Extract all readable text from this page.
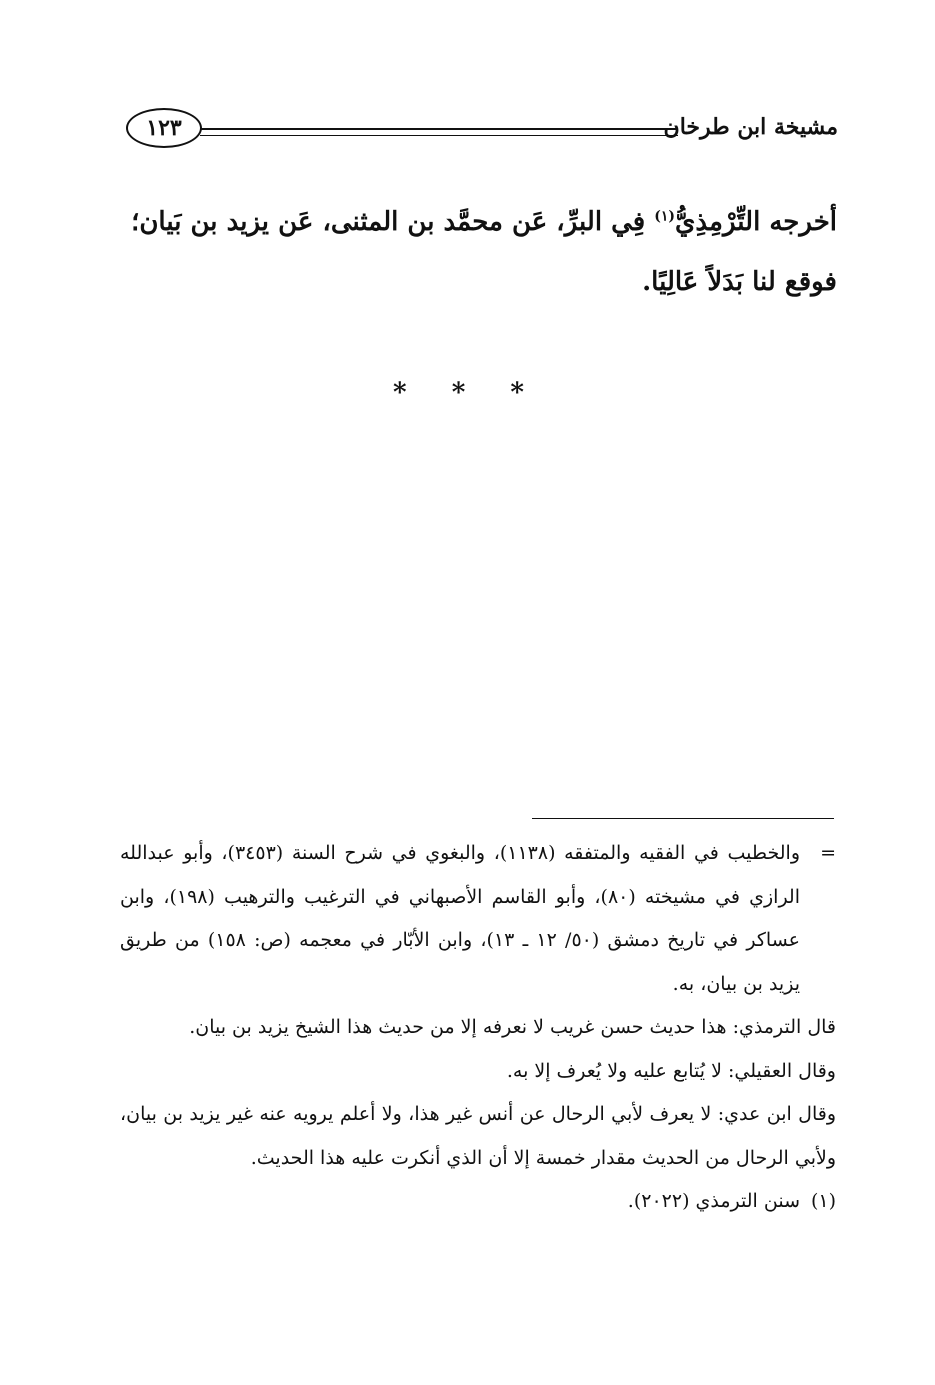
مشيخة ابن طرخان
١٢٣

أخرجه التِّرْمِذِيُّ$^{(١)}$ فِي البرِّ، عَن محمَّد بن المثنى، عَن يزيد بن بَيان؛

فوقع لنا بَدَلاً عَالِيًا.

* * *

=
والخطيب في الفقيه والمتفقه (١١٣٨)، والبغوي في شرح السنة (٣٤٥٣)، وأبو عبدالله الرازي في مشيخته (٨٠)، وأبو القاسم الأصبهاني في الترغيب والترهيب (١٩٨)، وابن عساكر في تاريخ دمشق (٥٠/ ١٢ ـ ١٣)، وابن الأبّار في معجمه (ص: ١٥٨) من طريق يزيد بن بيان، به.

قال الترمذي: هذا حديث حسن غريب لا نعرفه إلا من حديث هذا الشيخ يزيد بن بيان.

وقال العقيلي: لا يُتابع عليه ولا يُعرف إلا به.

وقال ابن عدي: لا يعرف لأبي الرحال عن أنس غير هذا، ولا أعلم يرويه عنه غير يزيد بن بيان، ولأبي الرحال من الحديث مقدار خمسة إلا أن الذي أنكرت عليه هذا الحديث.

(١)
سنن الترمذي (٢٠٢٢).
